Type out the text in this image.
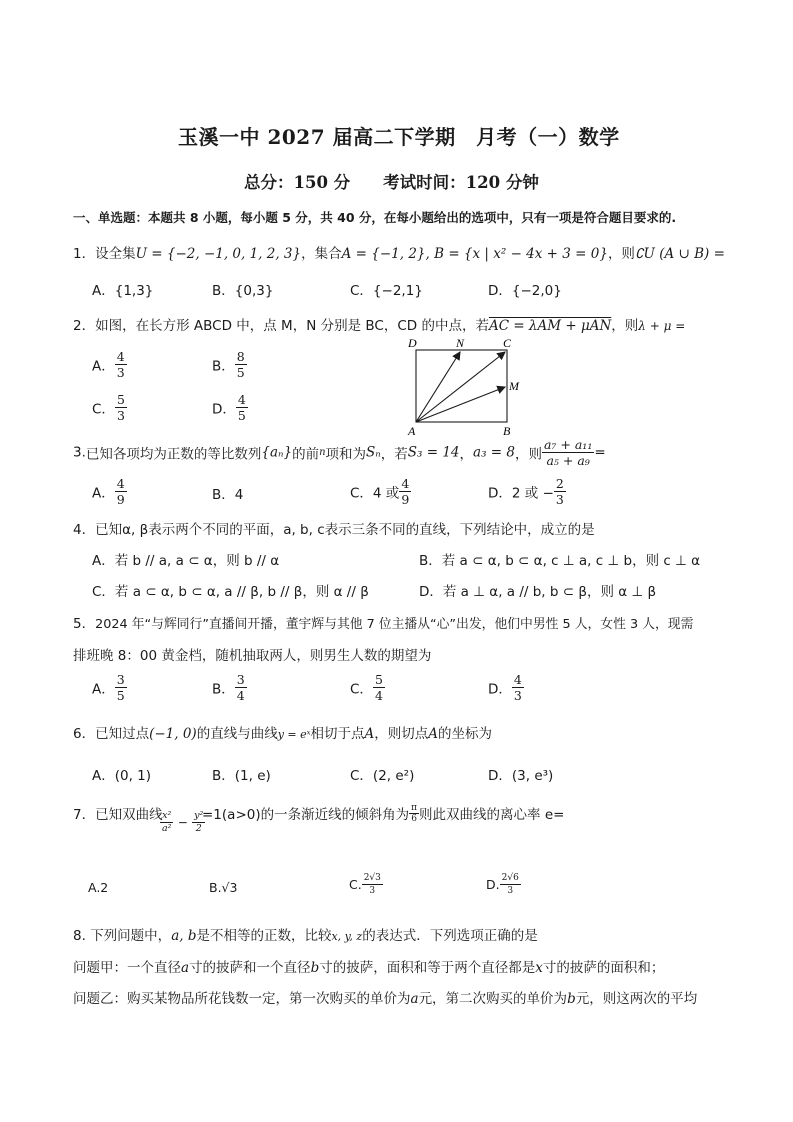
玉溪一中 2027 届高二下学期　月考（一）数学
总分：150 分　　考试时间：120 分钟
一、单选题：本题共 8 小题，每小题 5 分，共 40 分，在每小题给出的选项中，只有一项是符合题目要求的.
1．设全集U = {−2, −1, 0, 1, 2, 3}，集合A = {−1, 2}, B = {x | x² − 4x + 3 = 0}，则∁U (A ∪ B) =
A．{1,3}	B．{0,3}	C．{−2,1}	D．{−2,0}
2．如图，在长方形 ABCD 中，点 M，N 分别是 BC，CD 的中点，若AC = λAM + μAN，则λ + μ =
A． $\frac{4}{3}$	B． $\frac{8}{5}$
C． $\frac{5}{3}$	D． $\frac{4}{5}$
D	N	C
M
A	B
3.已知各项均为正数的等比数列{aₙ}的前n项和为Sₙ，若S₃ = 14，a₃ = 8，则 $\frac{\text{a₇ + a₁₁}}{\text{a₅ + a₉}}$ =
A． $\frac{4}{9}$	B．4	C．4 或 $\frac{4}{9}$	D．2 或 − $\frac{2}{3}$
4．已知α, β表示两个不同的平面，a, b, c表示三条不同的直线，下列结论中，成立的是
A．若 b // a, a ⊂ α，则 b // α	B．若 a ⊂ α, b ⊂ α, c ⊥ a, c ⊥ b，则 c ⊥ α
C．若 a ⊂ α, b ⊂ α, a // β, b // β，则 α // β	D．若 a ⊥ α, a // b, b ⊂ β，则 α ⊥ β
5．2024 年“与辉同行”直播间开播，董宇辉与其他 7 位主播从“心”出发，他们中男性 5 人，女性 3 人，现需
排班晚 8：00 黄金档，随机抽取两人，则男生人数的期望为
A． $\frac{3}{5}$	B． $\frac{3}{4}$	C． $\frac{5}{4}$	D． $\frac{4}{3}$
6．已知过点(−1, 0)的直线与曲线y = eˣ相切于点A，则切点A的坐标为
A．(0, 1)	B．(1, e)	C．(2, e²)	D．(3, e³)
7．已知双曲线
$\frac{\text{x²}}{\text{a²}} - \frac{\text{y²}}{2}$
=1(a>0)的一条渐近线的倾斜角为 $\frac{\pi}{6}$ 则此双曲线的离心率 e=
A.2	B.√3	C. $\frac{2√3}{3}$	D. $\frac{2√6}{3}$
8. 下列问题中，a, b是不相等的正数，比较x, y, z的表达式．下列选项正确的是
问题甲：一个直径a寸的披萨和一个直径b寸的披萨，面积和等于两个直径都是x寸的披萨的面积和；
问题乙：购买某物品所花钱数一定，第一次购买的单价为a元，第二次购买的单价为b元，则这两次的平均
